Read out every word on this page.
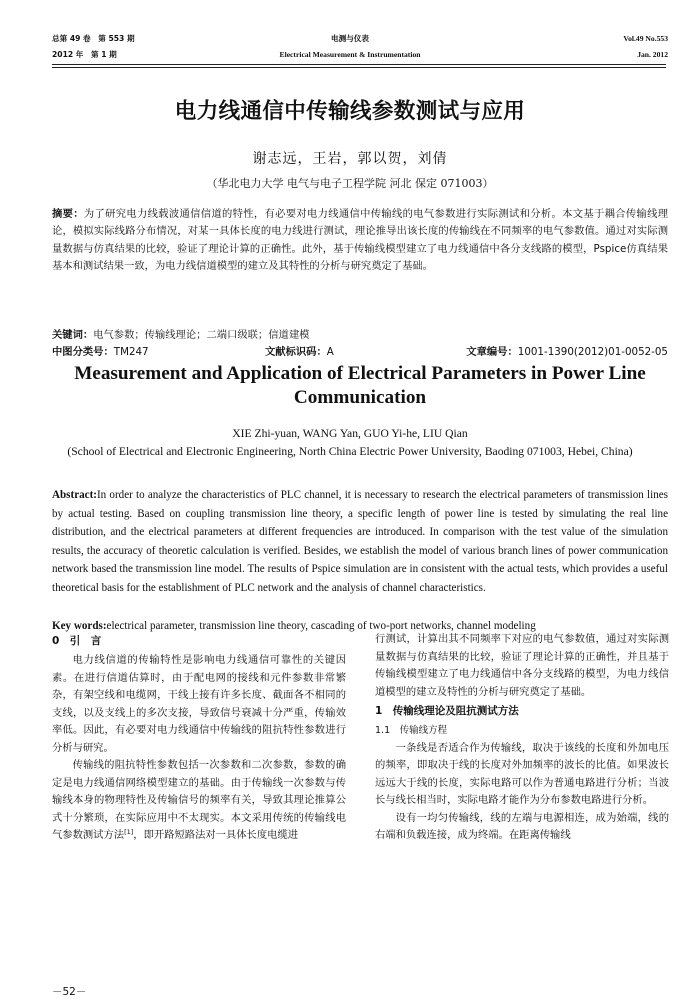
总第 49 卷　第 553 期
2012 年　第 1 期
电测与仪表
Electrical Measurement & Instrumentation
Vol.49 No.553
Jan. 2012
电力线通信中传输线参数测试与应用
谢志远，王岩，郭以贺，刘倩
（华北电力大学 电气与电子工程学院 河北 保定 071003）

摘要：为了研究电力线载波通信信道的特性，有必要对电力线通信中传输线的电气参数进行实际测试和分析。本文基于耦合传输线理论，模拟实际线路分布情况，对某一具体长度的电力线进行测试，理论推导出该长度的传输线在不同频率的电气参数值。通过对实际测量数据与仿真结果的比较，验证了理论计算的正确性。此外，基于传输线模型建立了电力线通信中各分支线路的模型，Pspice仿真结果基本和测试结果一致，为电力线信道模型的建立及其特性的分析与研究奠定了基础。

关键词：电气参数；传输线理论；二端口级联；信道建模
中图分类号：TM247	文献标识码：A	文章编号：1001-1390(2012)01-0052-05
Measurement and Application of Electrical Parameters in Power Line Communication
XIE Zhi-yuan, WANG Yan, GUO Yi-he, LIU Qian
(School of Electrical and Electronic Engineering, North China Electric Power University, Baoding 071003, Hebei, China)

Abstract:In order to analyze the characteristics of PLC channel, it is necessary to research the electrical parameters of transmission lines by actual testing. Based on coupling transmission line theory, a specific length of power line is tested by simulating the real line distribution, and the electrical parameters at different frequencies are introduced. In comparison with the test value of the simulation results, the accuracy of theoretic calculation is verified. Besides, we establish the model of various branch lines of power communication network based the transmission line model. The results of Pspice simulation are in consistent with the actual tests, which provides a useful theoretical basis for the establishment of PLC network and the analysis of channel characteristics.

Key words:electrical parameter, transmission line theory, cascading of two-port networks, channel modeling
0　引　言

电力线信道的传输特性是影响电力线通信可靠性的关键因素。在进行信道估算时，由于配电网的接线和元件参数非常繁杂，有架空线和电缆网，干线上接有许多长度、截面各不相同的支线，以及支线上的多次支接，导致信号衰减十分严重，传输效率低。因此，有必要对电力线通信中传输线的阻抗特性参数进行分析与研究。

传输线的阻抗特性参数包括一次参数和二次参数，参数的确定是电力线通信网络模型建立的基础。由于传输线一次参数与传输线本身的物理特性及传输信号的频率有关，导致其理论推算公式十分繁琐，在实际应用中不太现实。本文采用传统的传输线电气参数测试方法[1]，即开路短路法对一具体长度电缆进

行测试，计算出其不同频率下对应的电气参数值，通过对实际测量数据与仿真结果的比较，验证了理论计算的正确性，并且基于传输线模型建立了电力线通信中各分支线路的模型，为电力线信道模型的建立及特性的分析与研究奠定了基础。

1　传输线理论及阻抗测试方法
1.1　传输线方程

一条线是否适合作为传输线，取决于该线的长度和外加电压的频率，即取决于线的长度对外加频率的波长的比值。如果波长远远大于线的长度，实际电路可以作为普通电路进行分析；当波长与线长相当时，实际电路才能作为分布参数电路进行分析。

设有一均匀传输线，线的左端与电源相连，成为始端，线的右端和负载连接，成为终端。在距离传输线

－52－
